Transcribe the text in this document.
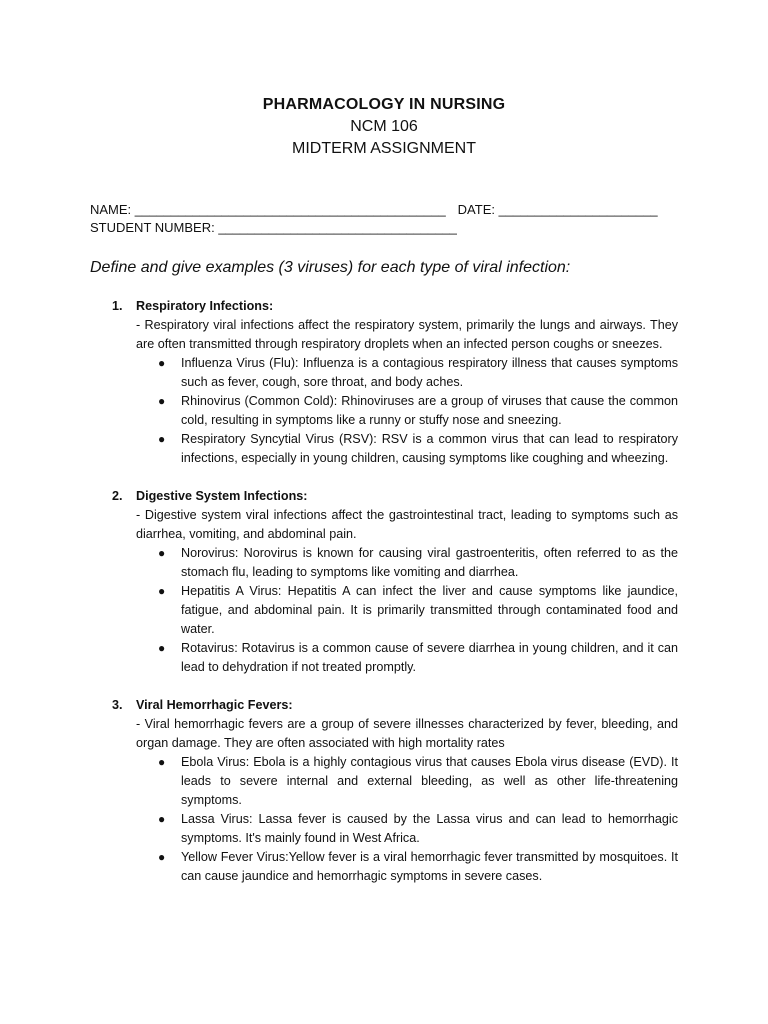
PHARMACOLOGY IN NURSING
NCM 106
MIDTERM ASSIGNMENT
NAME: ___________________________________________ DATE: ______________________
STUDENT NUMBER: _________________________________
Define and give examples (3 viruses) for each type of viral infection:
1.	Respiratory Infections:
- Respiratory viral infections affect the respiratory system, primarily the lungs and airways. They are often transmitted through respiratory droplets when an infected person coughs or sneezes.
●	Influenza Virus (Flu): Influenza is a contagious respiratory illness that causes symptoms such as fever, cough, sore throat, and body aches.
●	Rhinovirus (Common Cold): Rhinoviruses are a group of viruses that cause the common cold, resulting in symptoms like a runny or stuffy nose and sneezing.
●	Respiratory Syncytial Virus (RSV): RSV is a common virus that can lead to respiratory infections, especially in young children, causing symptoms like coughing and wheezing.
2.	Digestive System Infections:
- Digestive system viral infections affect the gastrointestinal tract, leading to symptoms such as diarrhea, vomiting, and abdominal pain.
●	Norovirus: Norovirus is known for causing viral gastroenteritis, often referred to as the stomach flu, leading to symptoms like vomiting and diarrhea.
●	Hepatitis A Virus: Hepatitis A can infect the liver and cause symptoms like jaundice, fatigue, and abdominal pain. It is primarily transmitted through contaminated food and water.
●	Rotavirus: Rotavirus is a common cause of severe diarrhea in young children, and it can lead to dehydration if not treated promptly.
3.	Viral Hemorrhagic Fevers:
- Viral hemorrhagic fevers are a group of severe illnesses characterized by fever, bleeding, and organ damage. They are often associated with high mortality rates
●	Ebola Virus: Ebola is a highly contagious virus that causes Ebola virus disease (EVD). It leads to severe internal and external bleeding, as well as other life-threatening symptoms.
●	Lassa Virus: Lassa fever is caused by the Lassa virus and can lead to hemorrhagic symptoms. It's mainly found in West Africa.
●	Yellow Fever Virus:Yellow fever is a viral hemorrhagic fever transmitted by mosquitoes. It can cause jaundice and hemorrhagic symptoms in severe cases.
